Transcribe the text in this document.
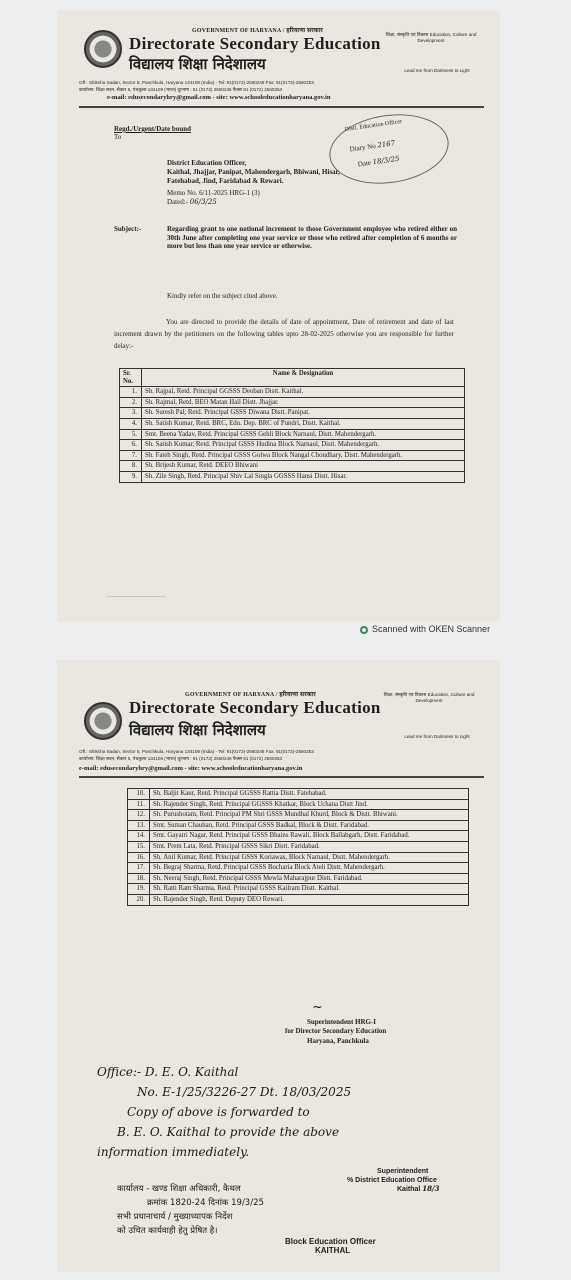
GOVERNMENT OF HARYANA / हरियाणा सरकार
Directorate Secondary Education
विद्यालय शिक्षा निदेशालय
शिक्षा, संस्कृति एवं विकास Education, Culture and Development
Lead me from Darkness to Light
Off.: Shiksha Sadan, Sector 5, Panchkula, Haryana 134109 (India) - Tel: 91(0172)-2560246 Fax: 91(0172)-2560253
कार्यालय: शिक्षा सदन, सैक्टर 5, पंचकूला-134109 (भारत) दूरभाष : 91 (0172) 2560246 फैक्स 91 (0172) 2560253
e-mail: edusecondaryhry@gmail.com - site: www.schooleducationharyana.gov.in
Regd./Urgent/Date bound
To
Distt. Education Officer
Diary No 2167
Date 18/3/25
District Education Officer,
Kaithal, Jhajjar, Panipat, Mahendergarh, Bhiwani, Hisar,
Fatehabad, Jind, Faridabad & Rewari.
Memo No. 6/11-2025 HRG-1 (3)
Dated:- 06/3/25
Subject:-	Regarding grant to one notional increment to those Government employee who retired either on 30th June after completing one year service or those who retired after completion of 6 months or more but less than one year service or otherwise.
Kindly refer on the subject cited above.
You are directed to provide the details of date of appointment, Date of retirement and date of last increment drawn by the petitioners on the following tables upto 28-02-2025 otherwise you are responsible for further delay:-
Sr. No.	Name & Designation
1.	Sh. Rajpal, Retd. Principal GGSSS Deoban Distt. Kaithal.
2.	Sh. Rajmal, Retd. BEO Matan Hail Distt. Jhajjar.
3.	Sh. Suresh Pal, Retd. Principal GSSS Diwana Distt. Panipat.
4.	Sh. Satish Kumar, Retd. BRC, Edu. Dep. BRC of Pundri, Distt. Kaithal.
5.	Smt. Beena Yadav, Retd. Principal GSSS Gehli Block Narnaul, Distt. Mahendergarh.
6.	Sh. Satish Kumar, Retd. Principal GSSS Hudina Block Narnaul, Distt. Mahendergarh.
7.	Sh. Fateh Singh, Retd. Principal GSSS Golwa Block Nangal Choudhary, Distt. Mahendergarh.
8.	Sh. Brijesh Kumar, Retd. DEEO Bhiwani
9.	Sh. Zile Singh, Retd. Principal Shiv Lal Singla GGSSS Hansi Distt. Hisar.
_______________________
Scanned with OKEN Scanner
GOVERNMENT OF HARYANA / हरियाणा सरकार
Directorate Secondary Education
विद्यालय शिक्षा निदेशालय
शिक्षा, संस्कृति एवं विकास Education, Culture and Development
Lead me from Darkness to Light
Off.: Shiksha Sadan, Sector 5, Panchkula, Haryana 134109 (India) - Tel: 91(0172)-2560246 Fax: 91(0172)-2560253
कार्यालय: शिक्षा सदन, सैक्टर 5, पंचकूला-134109 (भारत) दूरभाष : 91 (0172) 2560246 फैक्स 91 (0172) 2560253
e-mail: edusecondaryhry@gmail.com - site: www.schooleducationharyana.gov.in
10.	Sh. Baljit Kaur, Retd. Principal GGSSS Rattia Distt. Fatehabad.
11.	Sh. Rajender Singh, Retd. Principal GGSSS Khatkar, Block Uchana Distt Jind.
12.	Sh. Purushotam, Retd. Principal PM Shri GSSS Mundhal Khurd, Block & Distt. Bhiwani.
13.	Smt. Suman Chauhan, Retd. Principal GSSS Badkal, Block & Distt. Faridabad.
14.	Smt. Gayatri Nagar, Retd. Principal GSSS Bhains Rawali, Block Ballabgarh, Distt. Faridabad.
15.	Smt. Prem Lata, Retd. Principal GSSS Sikri Distt. Faridabad.
16.	Sh. Anil Kumar, Retd. Principal GSSS Koriawas, Block Narnaul, Distt. Mahendergarh.
17.	Sh. Begraj Sharma, Retd. Principal GSSS Bocharia Block Ateli Distt. Mahendergarh.
18.	Sh. Neeraj Singh, Retd. Principal GSSS Mewla Maharajpur Distt. Faridabad.
19.	Sh. Ratti Ram Sharma, Retd. Principal GSSS Kailram Distt. Kaithal.
20.	Sh. Rajender Singh, Retd. Deputy DEO Rewari.
Superintendent HRG-I
for Director Secondary Education
Haryana, Panchkula
~
Office:- D. E. O. Kaithal
No. E-1/25/3226-27 Dt. 18/03/2025
Copy of above is forwarded to
B. E. O. Kaithal to provide the above
information immediately.
Superintendent
% District Education Office
Kaithal 18/3
कार्यालय - खण्ड शिक्षा अधिकारी, कैथल
क्रमांक 1820-24 दिनांक 19/3/25
सभी प्रधानाचार्य / मुख्याध्यापक निर्देश
को उचित कार्यवाही हेतु प्रेषित है।
Block Education Officer
KAITHAL
